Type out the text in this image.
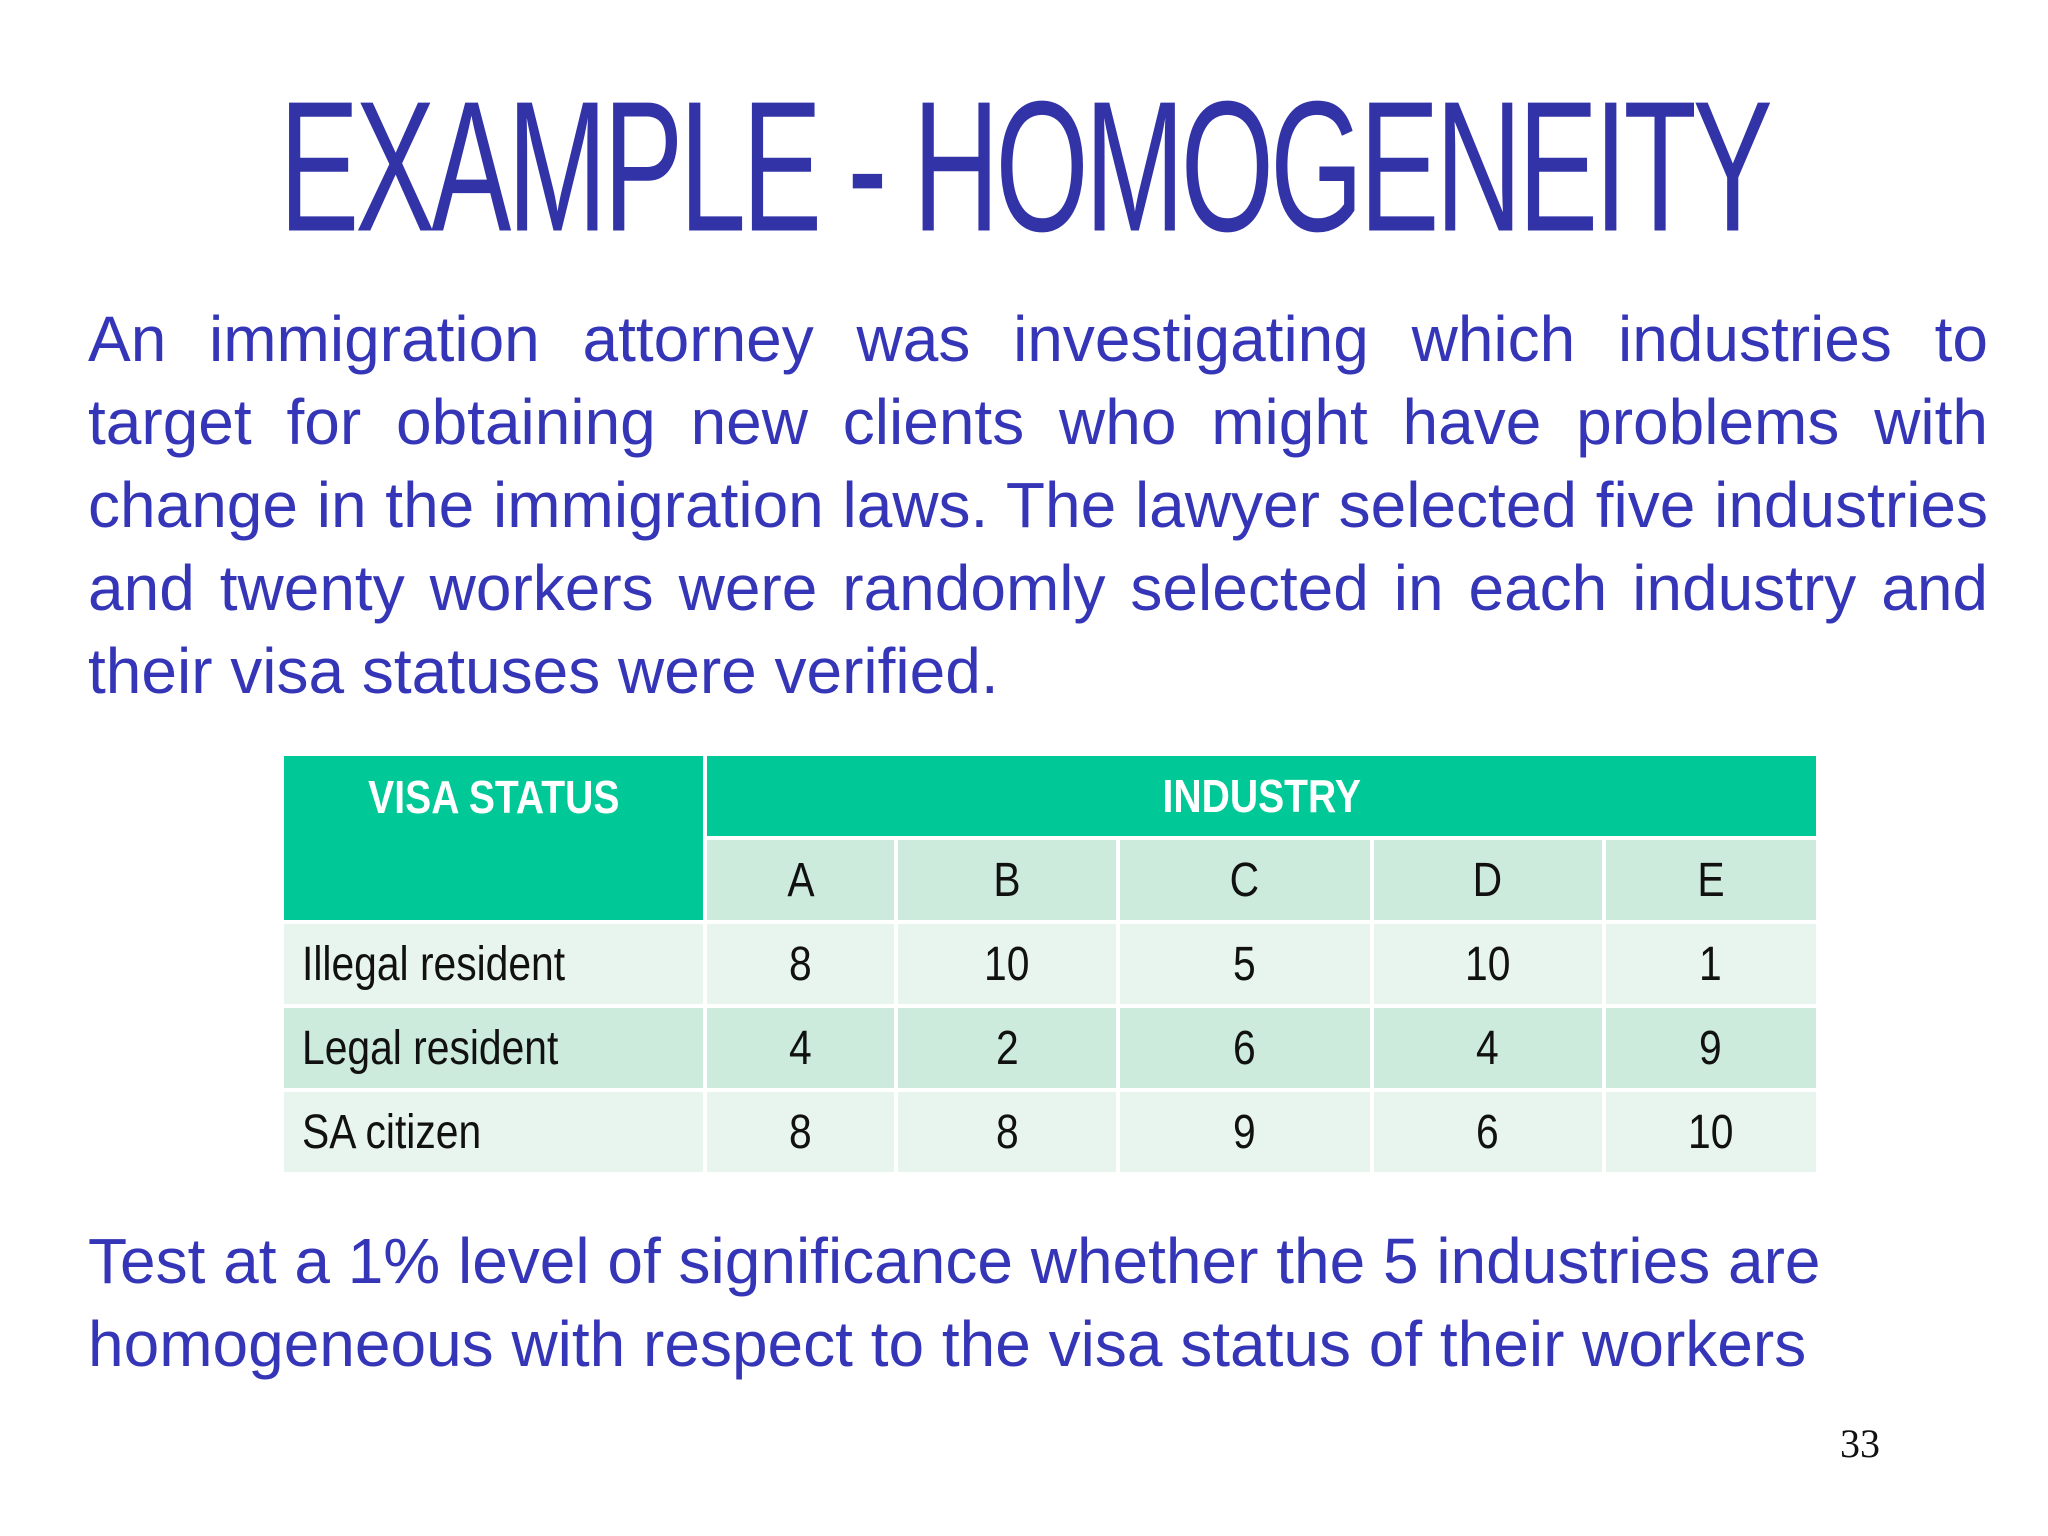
EXAMPLE - HOMOGENEITY

An immigration attorney was investigating which industries to target for obtaining new clients who might have problems with change in the immigration laws. The lawyer selected five industries and twenty workers were randomly selected in each industry and their visa statuses were verified.

VISA STATUS	INDUSTRY				
	A	B	C	D	E
Illegal resident	8	10	5	10	1
Legal resident	4	2	6	4	9
SA citizen	8	8	9	6	10

Test at a 1% level of significance whether the 5 industries are homogeneous with respect to the visa status of their workers

33
